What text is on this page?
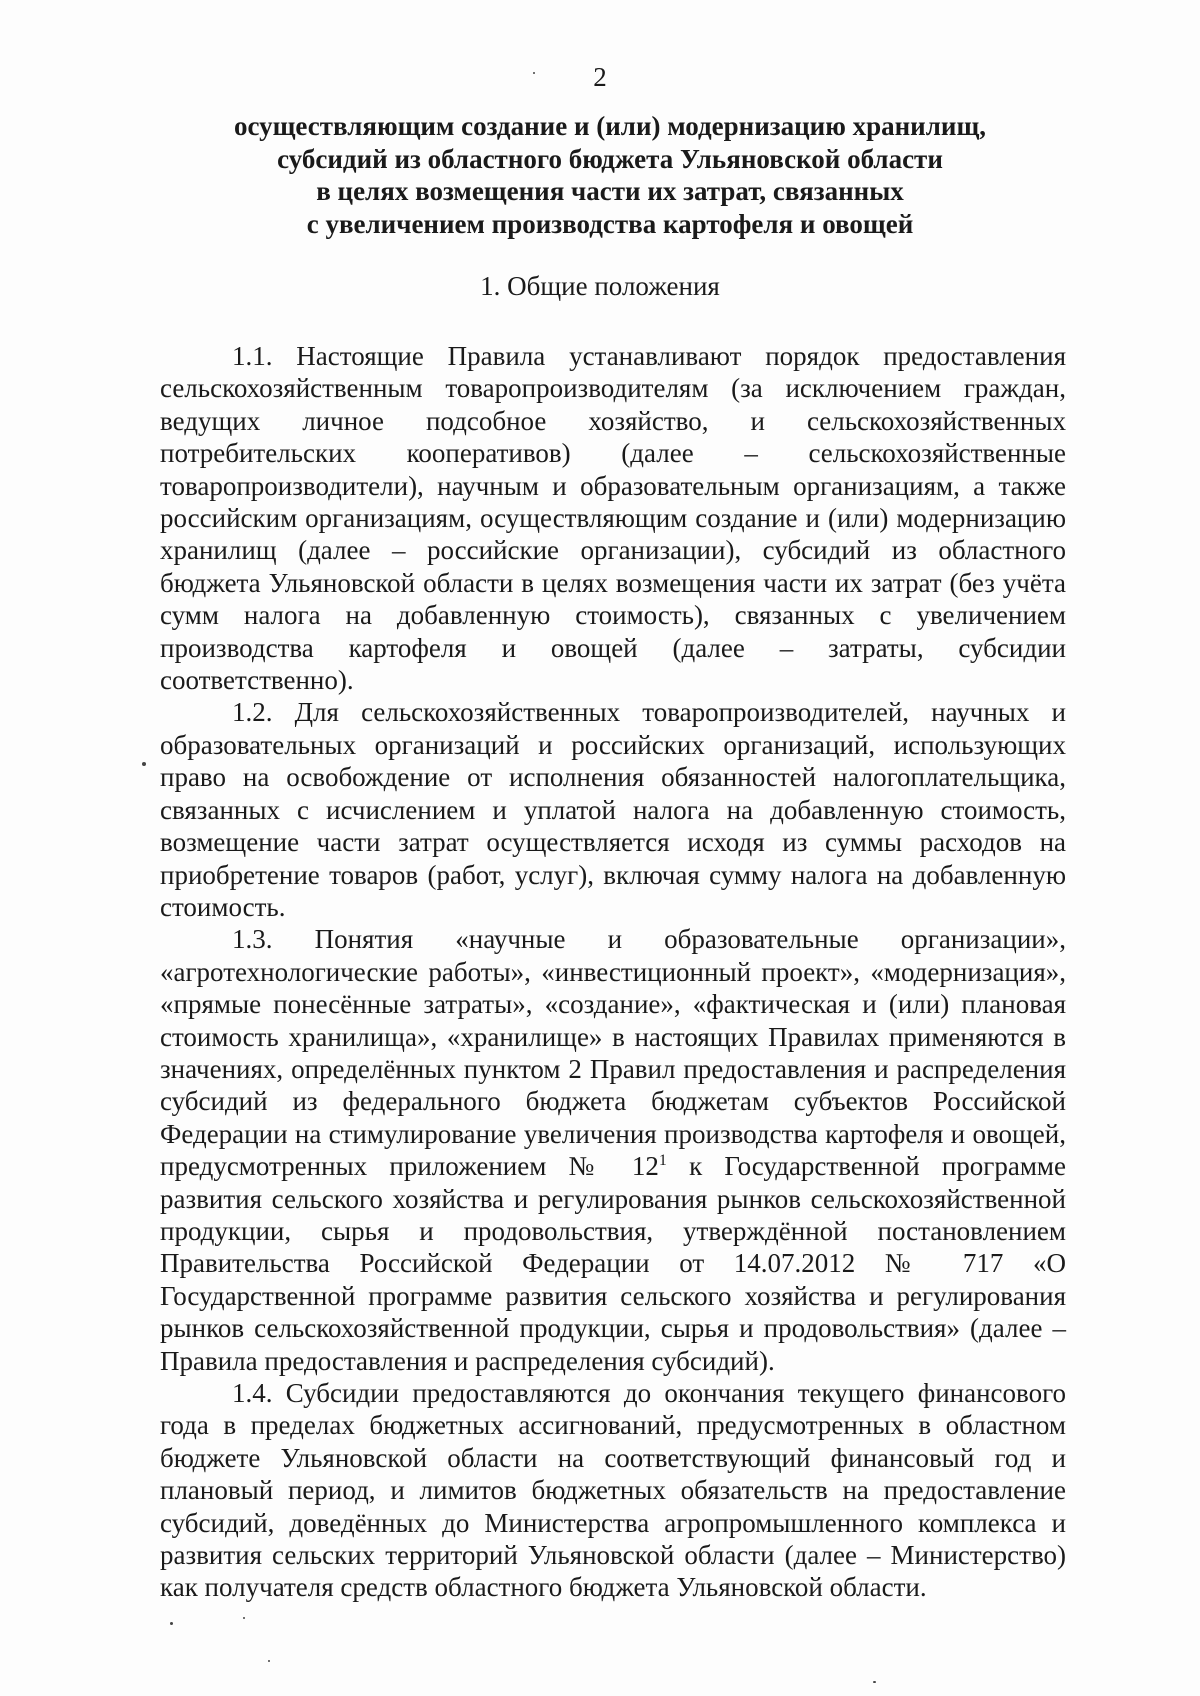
2
осуществляющим создание и (или) модернизацию хранилищ,
субсидий из областного бюджета Ульяновской области
в целях возмещения части их затрат, связанных
с увеличением производства картофеля и овощей
1. Общие положения

1.1. Настоящие Правила устанавливают порядок предоставления сельскохозяйственным товаропроизводителям (за исключением граждан, ведущих личное подсобное хозяйство, и сельскохозяйственных потребительских кооперативов) (далее – сельскохозяйственные товаропроизводители), научным и образовательным организациям, а также российским организациям, осуществляющим создание и (или) модернизацию хранилищ (далее – российские организации), субсидий из областного бюджета Ульяновской области в целях возмещения части их затрат (без учёта сумм налога на добавленную стоимость), связанных с увеличением производства картофеля и овощей (далее – затраты, субсидии соответственно).

1.2. Для сельскохозяйственных товаропроизводителей, научных и образовательных организаций и российских организаций, использующих право на освобождение от исполнения обязанностей налогоплательщика, связанных с исчислением и уплатой налога на добавленную стоимость, возмещение части затрат осуществляется исходя из суммы расходов на приобретение товаров (работ, услуг), включая сумму налога на добавленную стоимость.

1.3. Понятия «научные и образовательные организации», «агротехнологические работы», «инвестиционный проект», «модернизация», «прямые понесённые затраты», «создание», «фактическая и (или) плановая стоимость хранилища», «хранилище» в настоящих Правилах применяются в значениях, определённых пунктом 2 Правил предоставления и распределения субсидий из федерального бюджета бюджетам субъектов Российской Федерации на стимулирование увеличения производства картофеля и овощей, предусмотренных приложением № $12^1$ к Государственной программе развития сельского хозяйства и регулирования рынков сельскохозяйственной продукции, сырья и продовольствия, утверждённой постановлением Правительства Российской Федерации от 14.07.2012 № 717 «О Государственной программе развития сельского хозяйства и регулирования рынков сельскохозяйственной продукции, сырья и продовольствия» (далее – Правила предоставления и распределения субсидий).

1.4. Субсидии предоставляются до окончания текущего финансового года в пределах бюджетных ассигнований, предусмотренных в областном бюджете Ульяновской области на соответствующий финансовый год и плановый период, и лимитов бюджетных обязательств на предоставление субсидий, доведённых до Министерства агропромышленного комплекса и развития сельских территорий Ульяновской области (далее – Министерство) как получателя средств областного бюджета Ульяновской области.
